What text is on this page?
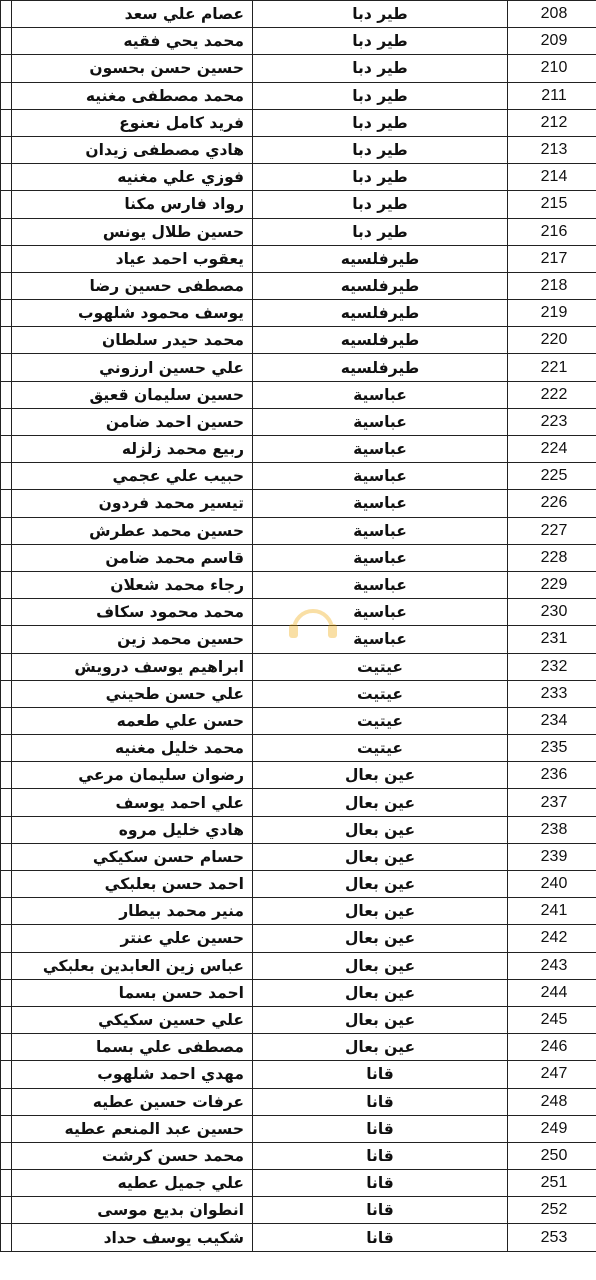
	عصام علي سعد	طير دبا	208
	محمد يحي فقيه	طير دبا	209
	حسين حسن بحسون	طير دبا	210
	محمد مصطفى مغنيه	طير دبا	211
	فريد كامل نعنوع	طير دبا	212
	هادي مصطفى زيدان	طير دبا	213
	فوزي علي مغنيه	طير دبا	214
	رواد فارس مكنا	طير دبا	215
	حسين طلال يونس	طير دبا	216
	يعقوب احمد عياد	طيرفلسيه	217
	مصطفى حسين رضا	طيرفلسيه	218
	يوسف محمود شلهوب	طيرفلسيه	219
	محمد حيدر سلطان	طيرفلسيه	220
	علي حسين ارزوني	طيرفلسيه	221
	حسين سليمان قعيق	عباسية	222
	حسين احمد ضامن	عباسية	223
	ربيع محمد زلزله	عباسية	224
	حبيب علي عجمي	عباسية	225
	تيسير محمد فردون	عباسية	226
	حسين محمد عطرش	عباسية	227
	قاسم محمد ضامن	عباسية	228
	رجاء محمد شعلان	عباسية	229
	محمد محمود سكاف	عباسية	230
	حسين محمد زين	عباسية	231
	ابراهيم يوسف درويش	عيتيت	232
	علي حسن طحيني	عيتيت	233
	حسن علي طعمه	عيتيت	234
	محمد خليل مغنيه	عيتيت	235
	رضوان سليمان مرعي	عين بعال	236
	علي احمد يوسف	عين بعال	237
	هادي خليل مروه	عين بعال	238
	حسام حسن سكيكي	عين بعال	239
	احمد حسن بعلبكي	عين بعال	240
	منير محمد بيطار	عين بعال	241
	حسين علي عنتر	عين بعال	242
	عباس زين العابدين بعلبكي	عين بعال	243
	احمد حسن بسما	عين بعال	244
	علي حسين سكيكي	عين بعال	245
	مصطفى علي بسما	عين بعال	246
	مهدي احمد شلهوب	قانا	247
	عرفات حسين عطيه	قانا	248
	حسين عبد المنعم عطيه	قانا	249
	محمد حسن كرشت	قانا	250
	علي جميل عطيه	قانا	251
	انطوان بديع موسى	قانا	252
	شكيب يوسف حداد	قانا	253
